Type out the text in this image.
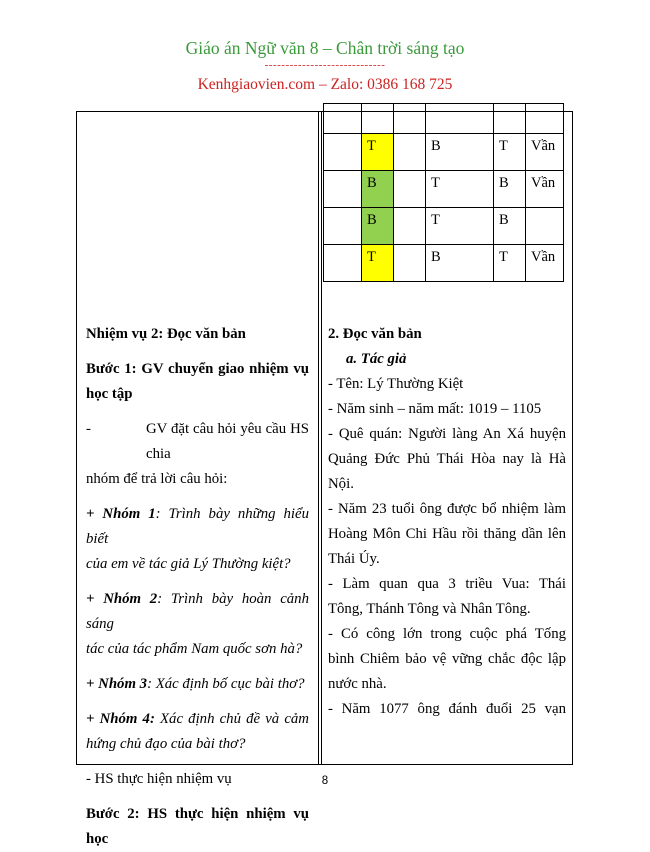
Giáo án Ngữ văn 8 – Chân trời sáng tạo
-----------------------------
Kenhgiaovien.com – Zalo: 0386 168 725

	T		B	T	Vần

	B		T	B	Vần

	B		T	B	

	T		B	T	Vần

Nhiệm vụ 2: Đọc văn bản

Bước 1: GV chuyển giao nhiệm vụ

học tập

-	GV đặt câu hỏi yêu cầu HS chia

nhóm để trả lời câu hỏi:

+ Nhóm 1: Trình bày những hiểu biết

của em về tác giả Lý Thường kiệt?

+ Nhóm 2: Trình bày hoàn cảnh sáng

tác của tác phẩm Nam quốc sơn hà?

+ Nhóm 3: Xác định bố cục bài thơ?

+ Nhóm 4: Xác định chủ đề và cảm

hứng chủ đạo của bài thơ?

- HS thực hiện nhiệm vụ

Bước 2: HS thực hiện nhiệm vụ học

2. Đọc văn bản

a. Tác giả

- Tên: Lý Thường Kiệt

- Năm sinh – năm mất: 1019 – 1105

- Quê quán: Người làng An Xá huyện

Quảng Đức Phủ Thái Hòa nay là Hà

Nội.

- Năm 23 tuổi ông được bổ nhiệm làm

Hoàng Môn Chi Hầu rồi thăng dần lên

Thái Úy.

- Làm quan qua 3 triều Vua: Thái

Tông, Thánh Tông và Nhân Tông.

- Có công lớn trong cuộc phá Tống

bình Chiêm bảo vệ vững chắc độc lập

nước nhà.

- Năm 1077 ông đánh đuổi 25 vạn

8
